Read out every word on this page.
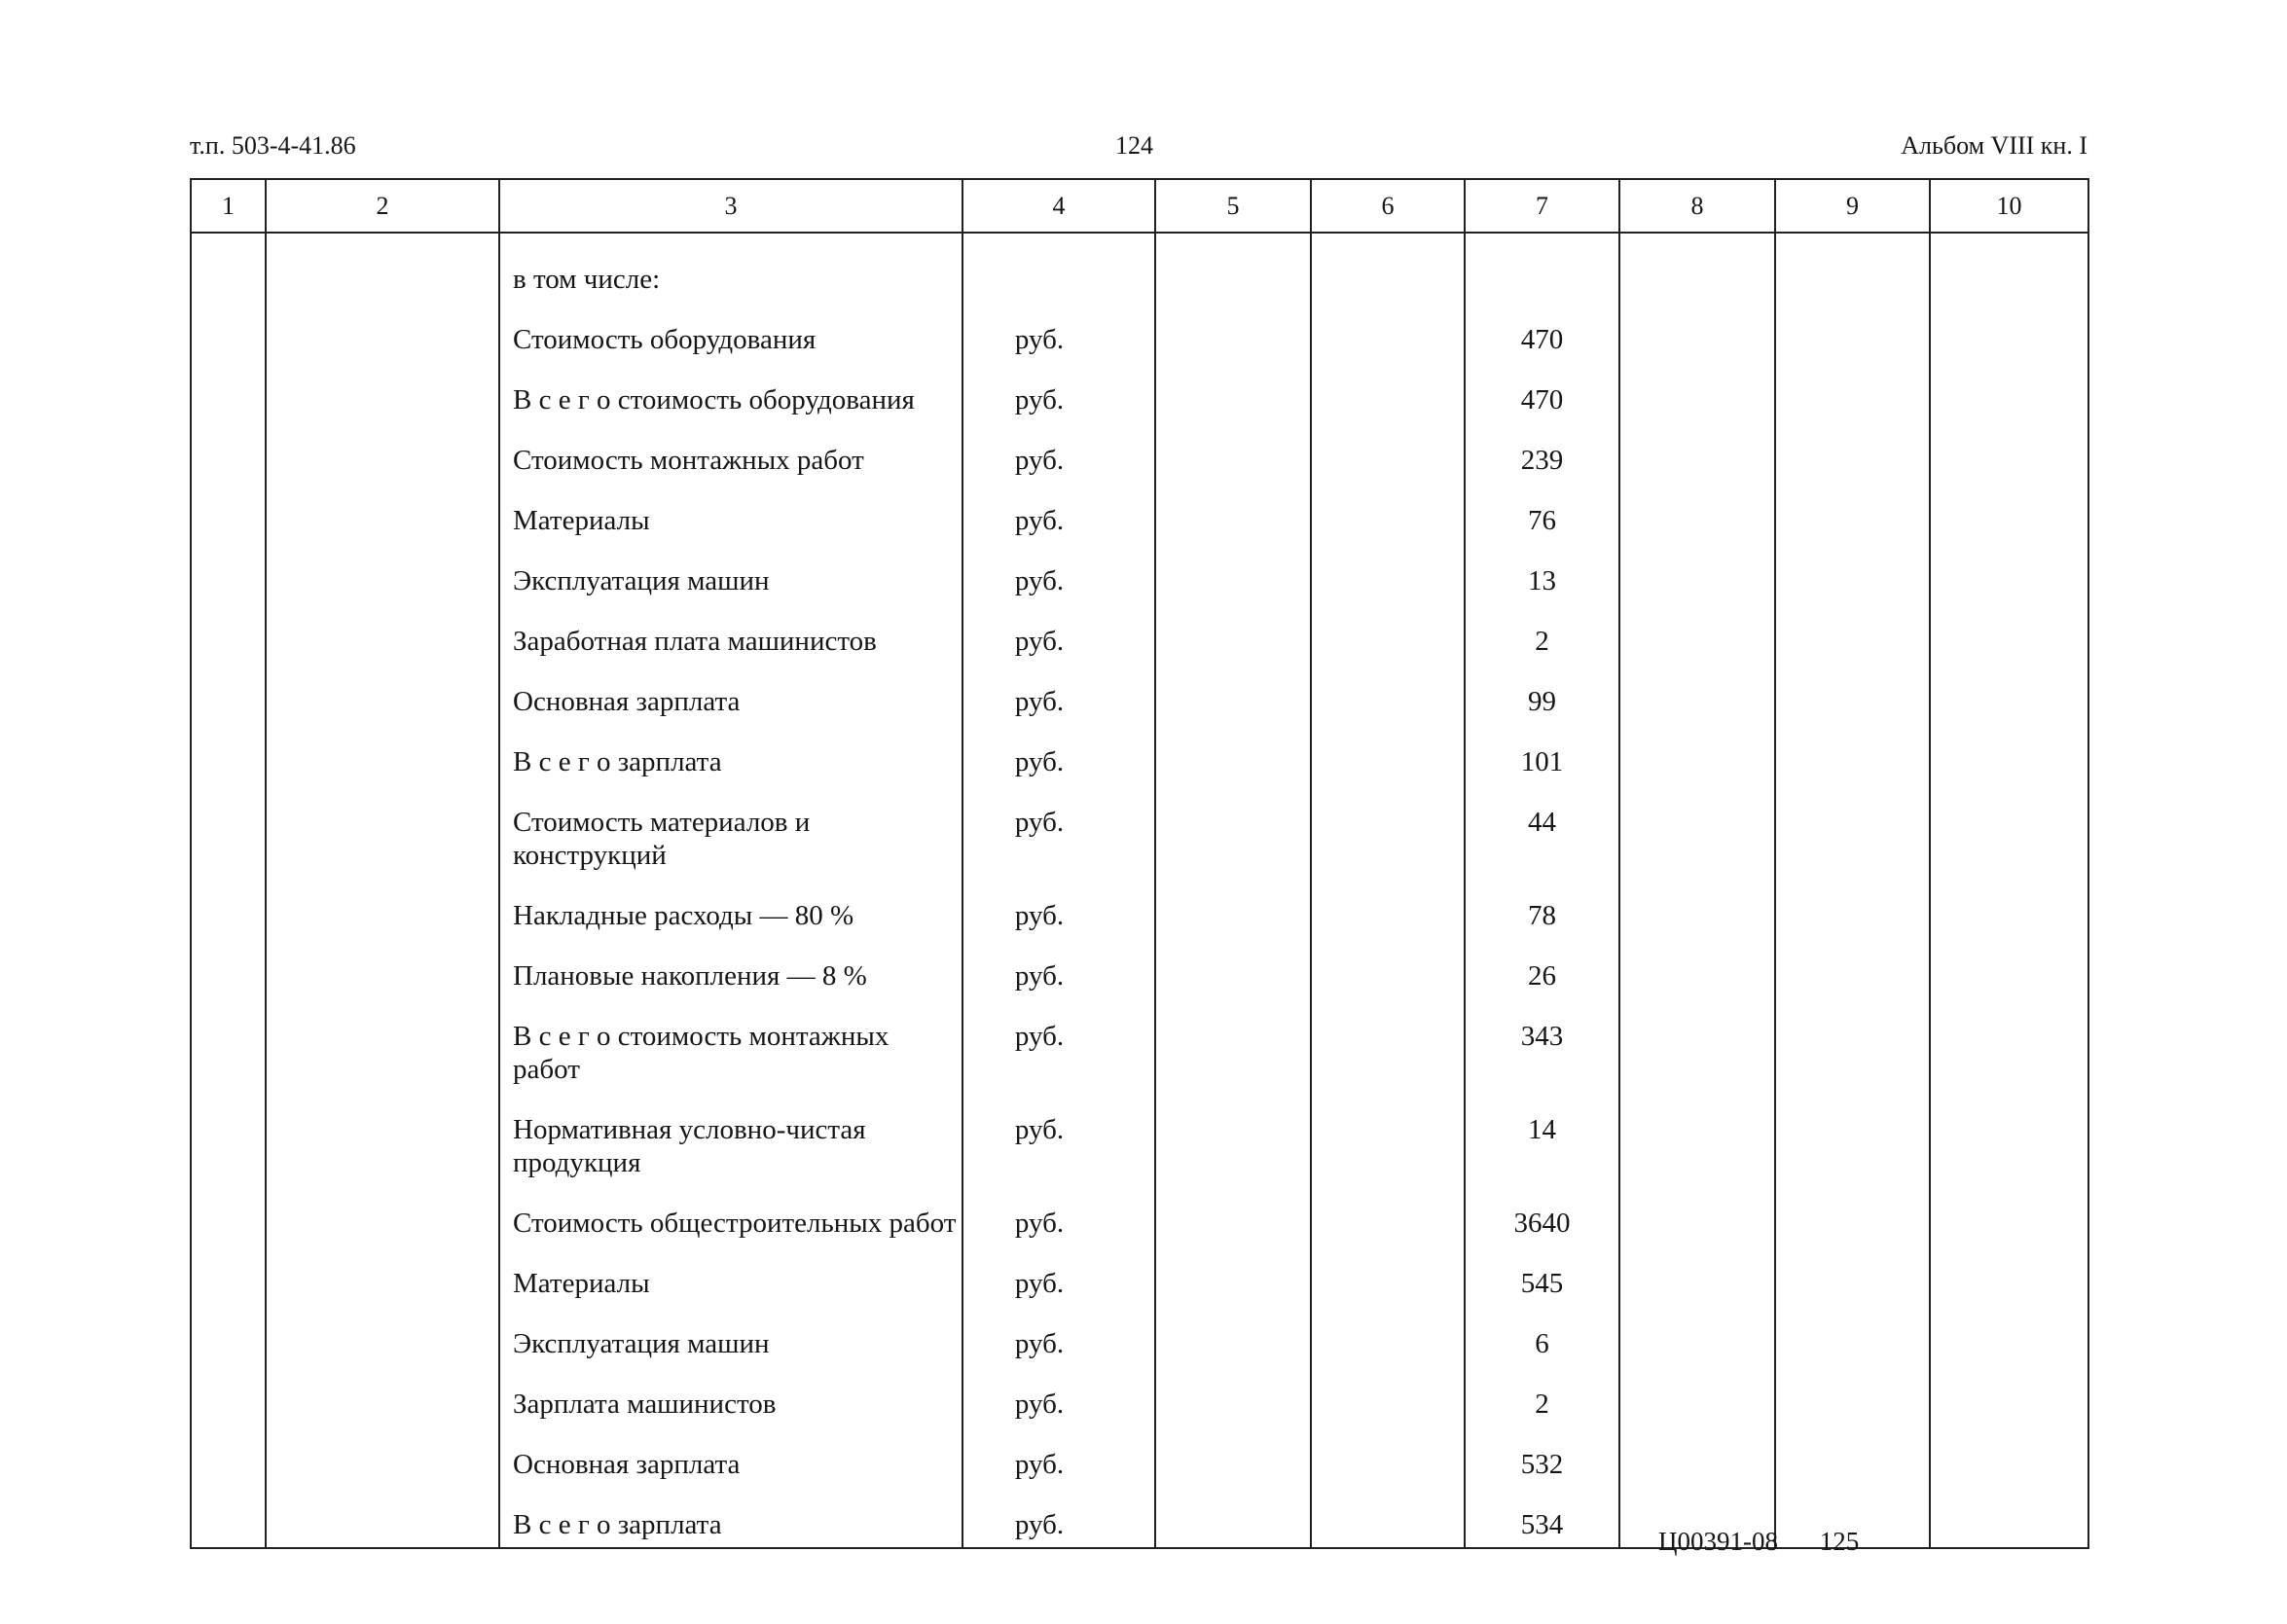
т.п. 503-4-41.86	124	Альбом VIII кн. I
1	2	3	4	5	6	7	8	9	10

		в том числе:							

		Стоимость оборудования	руб.			470			

		В с е г о стоимость оборудования	руб.			470			

		Стоимость монтажных работ	руб.			239			

		Материалы	руб.			76			

		Эксплуатация машин	руб.			13			

		Заработная плата машинистов	руб.			2			

		Основная зарплата	руб.			99			

		В с е г о зарплата	руб.			101			

		Стоимость материалов и конструкций	руб.			44			

		Накладные расходы — 80 %	руб.			78			

		Плановые накопления — 8 %	руб.			26			

		В с е г о стоимость монтажных работ	руб.			343			

		Нормативная условно-чистая продукция	руб.			14			

		Стоимость общестроительных работ	руб.			3640			

		Материалы	руб.			545			

		Эксплуатация машин	руб.			6			

		Зарплата машинистов	руб.			2			

		Основная зарплата	руб.			532			

		В с е г о зарплата	руб.			534			
Ц00391-08 125
